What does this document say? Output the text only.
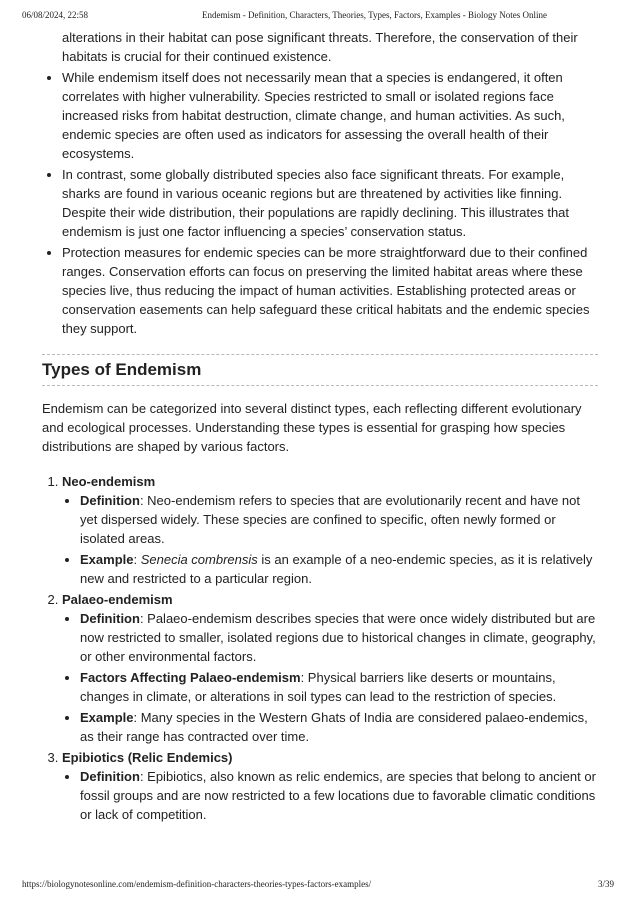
06/08/2024, 22:58	Endemism - Definition, Characters, Theories, Types, Factors, Examples - Biology Notes Online

alterations in their habitat can pose significant threats. Therefore, the conservation of their habitats is crucial for their continued existence.

• While endemism itself does not necessarily mean that a species is endangered, it often correlates with higher vulnerability. Species restricted to small or isolated regions face increased risks from habitat destruction, climate change, and human activities. As such, endemic species are often used as indicators for assessing the overall health of their ecosystems.
• In contrast, some globally distributed species also face significant threats. For example, sharks are found in various oceanic regions but are threatened by activities like finning. Despite their wide distribution, their populations are rapidly declining. This illustrates that endemism is just one factor influencing a species’ conservation status.
• Protection measures for endemic species can be more straightforward due to their confined ranges. Conservation efforts can focus on preserving the limited habitat areas where these species live, thus reducing the impact of human activities. Establishing protected areas or conservation easements can help safeguard these critical habitats and the endemic species they support.
Types of Endemism

Endemism can be categorized into several distinct types, each reflecting different evolutionary and ecological processes. Understanding these types is essential for grasping how species distributions are shaped by various factors.

1. Neo-endemism
• Definition: Neo-endemism refers to species that are evolutionarily recent and have not yet dispersed widely. These species are confined to specific, often newly formed or isolated areas.
• Example: Senecia combrensis is an example of a neo-endemic species, as it is relatively new and restricted to a particular region.
2. Palaeo-endemism
• Definition: Palaeo-endemism describes species that were once widely distributed but are now restricted to smaller, isolated regions due to historical changes in climate, geography, or other environmental factors.
• Factors Affecting Palaeo-endemism: Physical barriers like deserts or mountains, changes in climate, or alterations in soil types can lead to the restriction of species.
• Example: Many species in the Western Ghats of India are considered palaeo-endemics, as their range has contracted over time.
3. Epibiotics (Relic Endemics)
• Definition: Epibiotics, also known as relic endemics, are species that belong to ancient or fossil groups and are now restricted to a few locations due to favorable climatic conditions or lack of competition.
https://biologynotesonline.com/endemism-definition-characters-theories-types-factors-examples/	3/39
